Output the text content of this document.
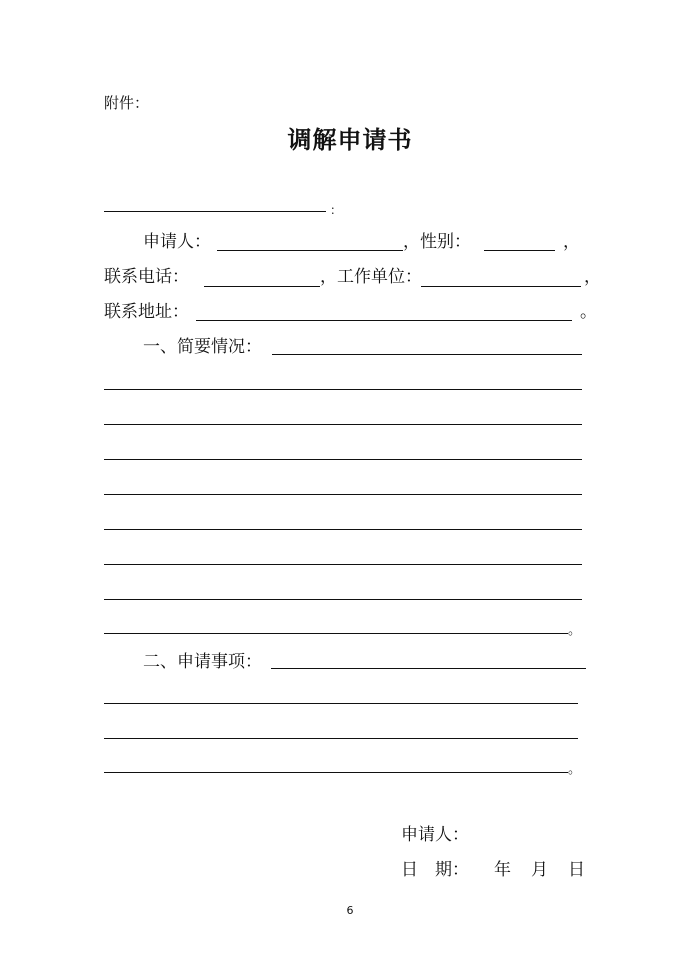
附件：
调解申请书
：
申请人：	，性别：	，
联系电话：	，工作单位：	，
联系地址：	。
一、简要情况：
。
二、申请事项：
。
申请人：
日　期： 年 月 日
6
